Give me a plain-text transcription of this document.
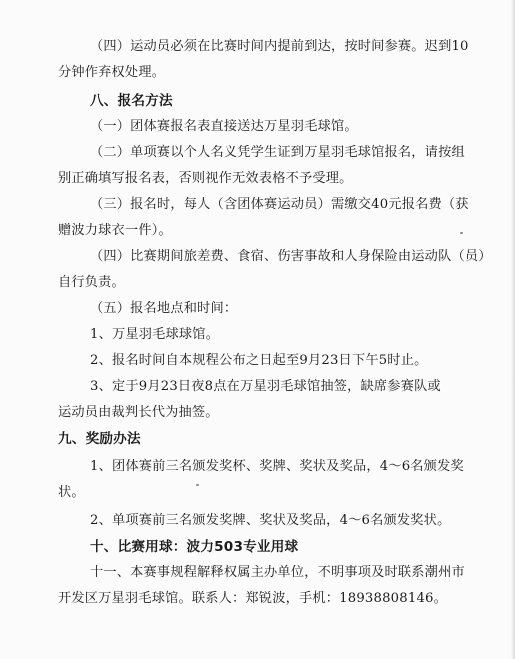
（四）运动员必须在比赛时间内提前到达，按时间参赛。迟到10
分钟作弃权处理。
八、报名方法
（一）团体赛报名表直接送达万星羽毛球馆。
（二）单项赛以个人名义凭学生证到万星羽毛球馆报名，请按组
别正确填写报名表，否则视作无效表格不予受理。
（三）报名时，每人（含团体赛运动员）需缴交40元报名费（获
赠波力球衣一件）。
（四）比赛期间旅差费、食宿、伤害事故和人身保险由运动队（员）
自行负责。
（五）报名地点和时间：
1、万星羽毛球球馆。
2、报名时间自本规程公布之日起至9月23日下午5时止。
3、定于9月23日夜8点在万星羽毛球馆抽签，缺席参赛队或
运动员由裁判长代为抽签。
九、奖励办法
1、团体赛前三名颁发奖杯、奖牌、奖状及奖品，4～6名颁发奖
状。
2、单项赛前三名颁发奖牌、奖状及奖品，4～6名颁发奖状。
十、比赛用球：波力503专业用球
十一、本赛事规程解释权属主办单位，不明事项及时联系潮州市
开发区万星羽毛球馆。联系人：郑锐波，手机：18938808146。
